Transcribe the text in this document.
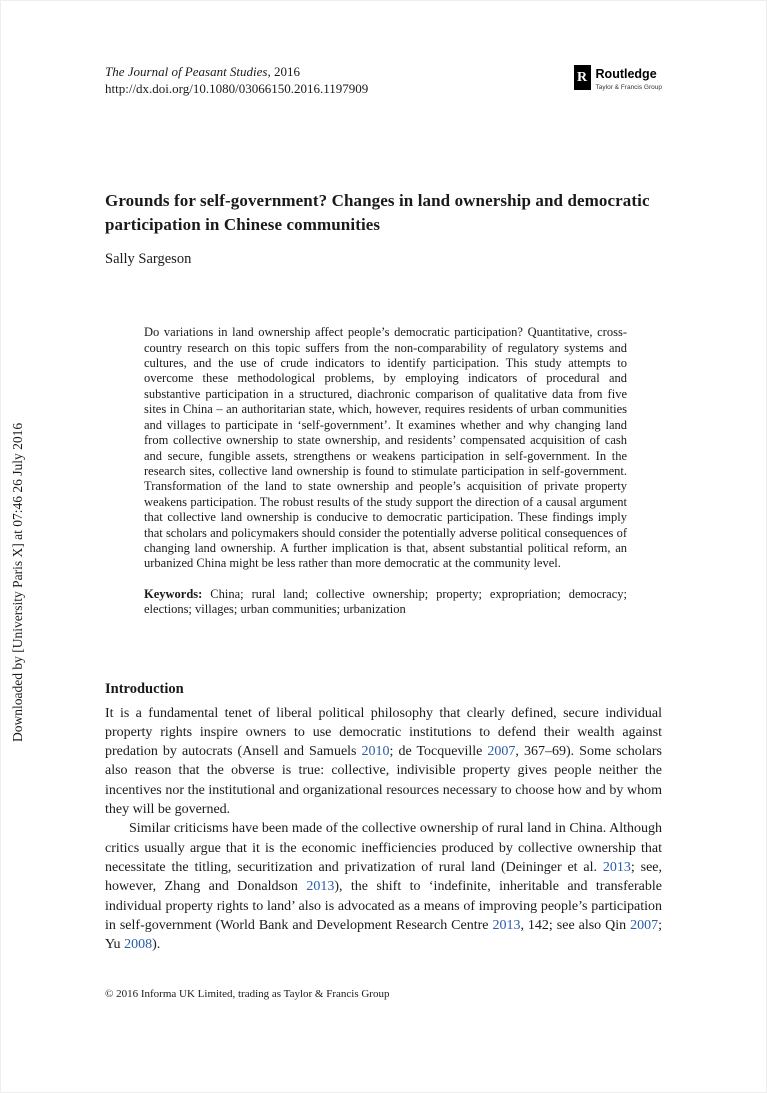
Downloaded by [University Paris X] at 07:46 26 July 2016
The Journal of Peasant Studies, 2016
http://dx.doi.org/10.1080/03066150.2016.1197909
R Routledge
Taylor & Francis Group
Grounds for self-government? Changes in land ownership and democratic participation in Chinese communities
Sally Sargeson
Do variations in land ownership affect people’s democratic participation? Quantitative, cross-country research on this topic suffers from the non-comparability of regulatory systems and cultures, and the use of crude indicators to identify participation. This study attempts to overcome these methodological problems, by employing indicators of procedural and substantive participation in a structured, diachronic comparison of qualitative data from five sites in China – an authoritarian state, which, however, requires residents of urban communities and villages to participate in ‘self-government’. It examines whether and why changing land from collective ownership to state ownership, and residents’ compensated acquisition of cash and secure, fungible assets, strengthens or weakens participation in self-government. In the research sites, collective land ownership is found to stimulate participation in self-government. Transformation of the land to state ownership and people’s acquisition of private property weakens participation. The robust results of the study support the direction of a causal argument that collective land ownership is conducive to democratic participation. These findings imply that scholars and policymakers should consider the potentially adverse political consequences of changing land ownership. A further implication is that, absent substantial political reform, an urbanized China might be less rather than more democratic at the community level.
Keywords: China; rural land; collective ownership; property; expropriation; democracy; elections; villages; urban communities; urbanization
Introduction

It is a fundamental tenet of liberal political philosophy that clearly defined, secure individual property rights inspire owners to use democratic institutions to defend their wealth against predation by autocrats (Ansell and Samuels 2010; de Tocqueville 2007, 367–69). Some scholars also reason that the obverse is true: collective, indivisible property gives people neither the incentives nor the institutional and organizational resources necessary to choose how and by whom they will be governed.

Similar criticisms have been made of the collective ownership of rural land in China. Although critics usually argue that it is the economic inefficiencies produced by collective ownership that necessitate the titling, securitization and privatization of rural land (Deininger et al. 2013; see, however, Zhang and Donaldson 2013), the shift to ‘indefinite, inheritable and transferable individual property rights to land’ also is advocated as a means of improving people’s participation in self-government (World Bank and Development Research Centre 2013, 142; see also Qin 2007; Yu 2008).

© 2016 Informa UK Limited, trading as Taylor & Francis Group
